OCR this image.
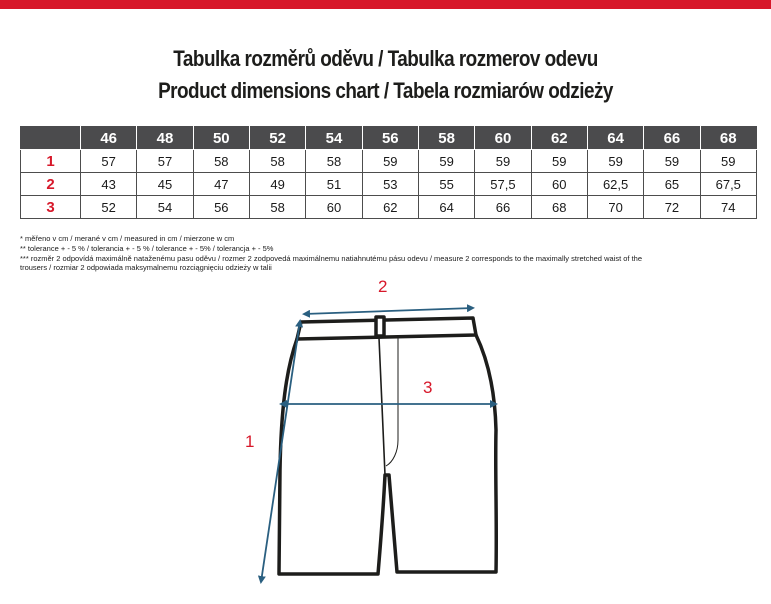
Tabulka rozměrů oděvu / Tabulka rozmerov odevu
Product dimensions chart / Tabela rozmiarów odzieży
	46	48	50	52	54	56	58	60	62	64	66	68
1	57	57	58	58	58	59	59	59	59	59	59	59
2	43	45	47	49	51	53	55	57,5	60	62,5	65	67,5
3	52	54	56	58	60	62	64	66	68	70	72	74
* měřeno v cm / merané v cm / measured in cm / mierzone w cm
** tolerance + - 5 % / tolerancia + - 5 % / tolerance + - 5% / tolerancja + - 5%
*** rozměr 2 odpovídá maximálně nataženému pasu oděvu / rozmer 2 zodpovedá maximálnemu natiahnutému pásu odevu / measure 2 corresponds to the maximally stretched waist of the
trousers / rozmiar 2 odpowiada maksymalnemu rozciągnięciu odzieży w talii
1
2
3
